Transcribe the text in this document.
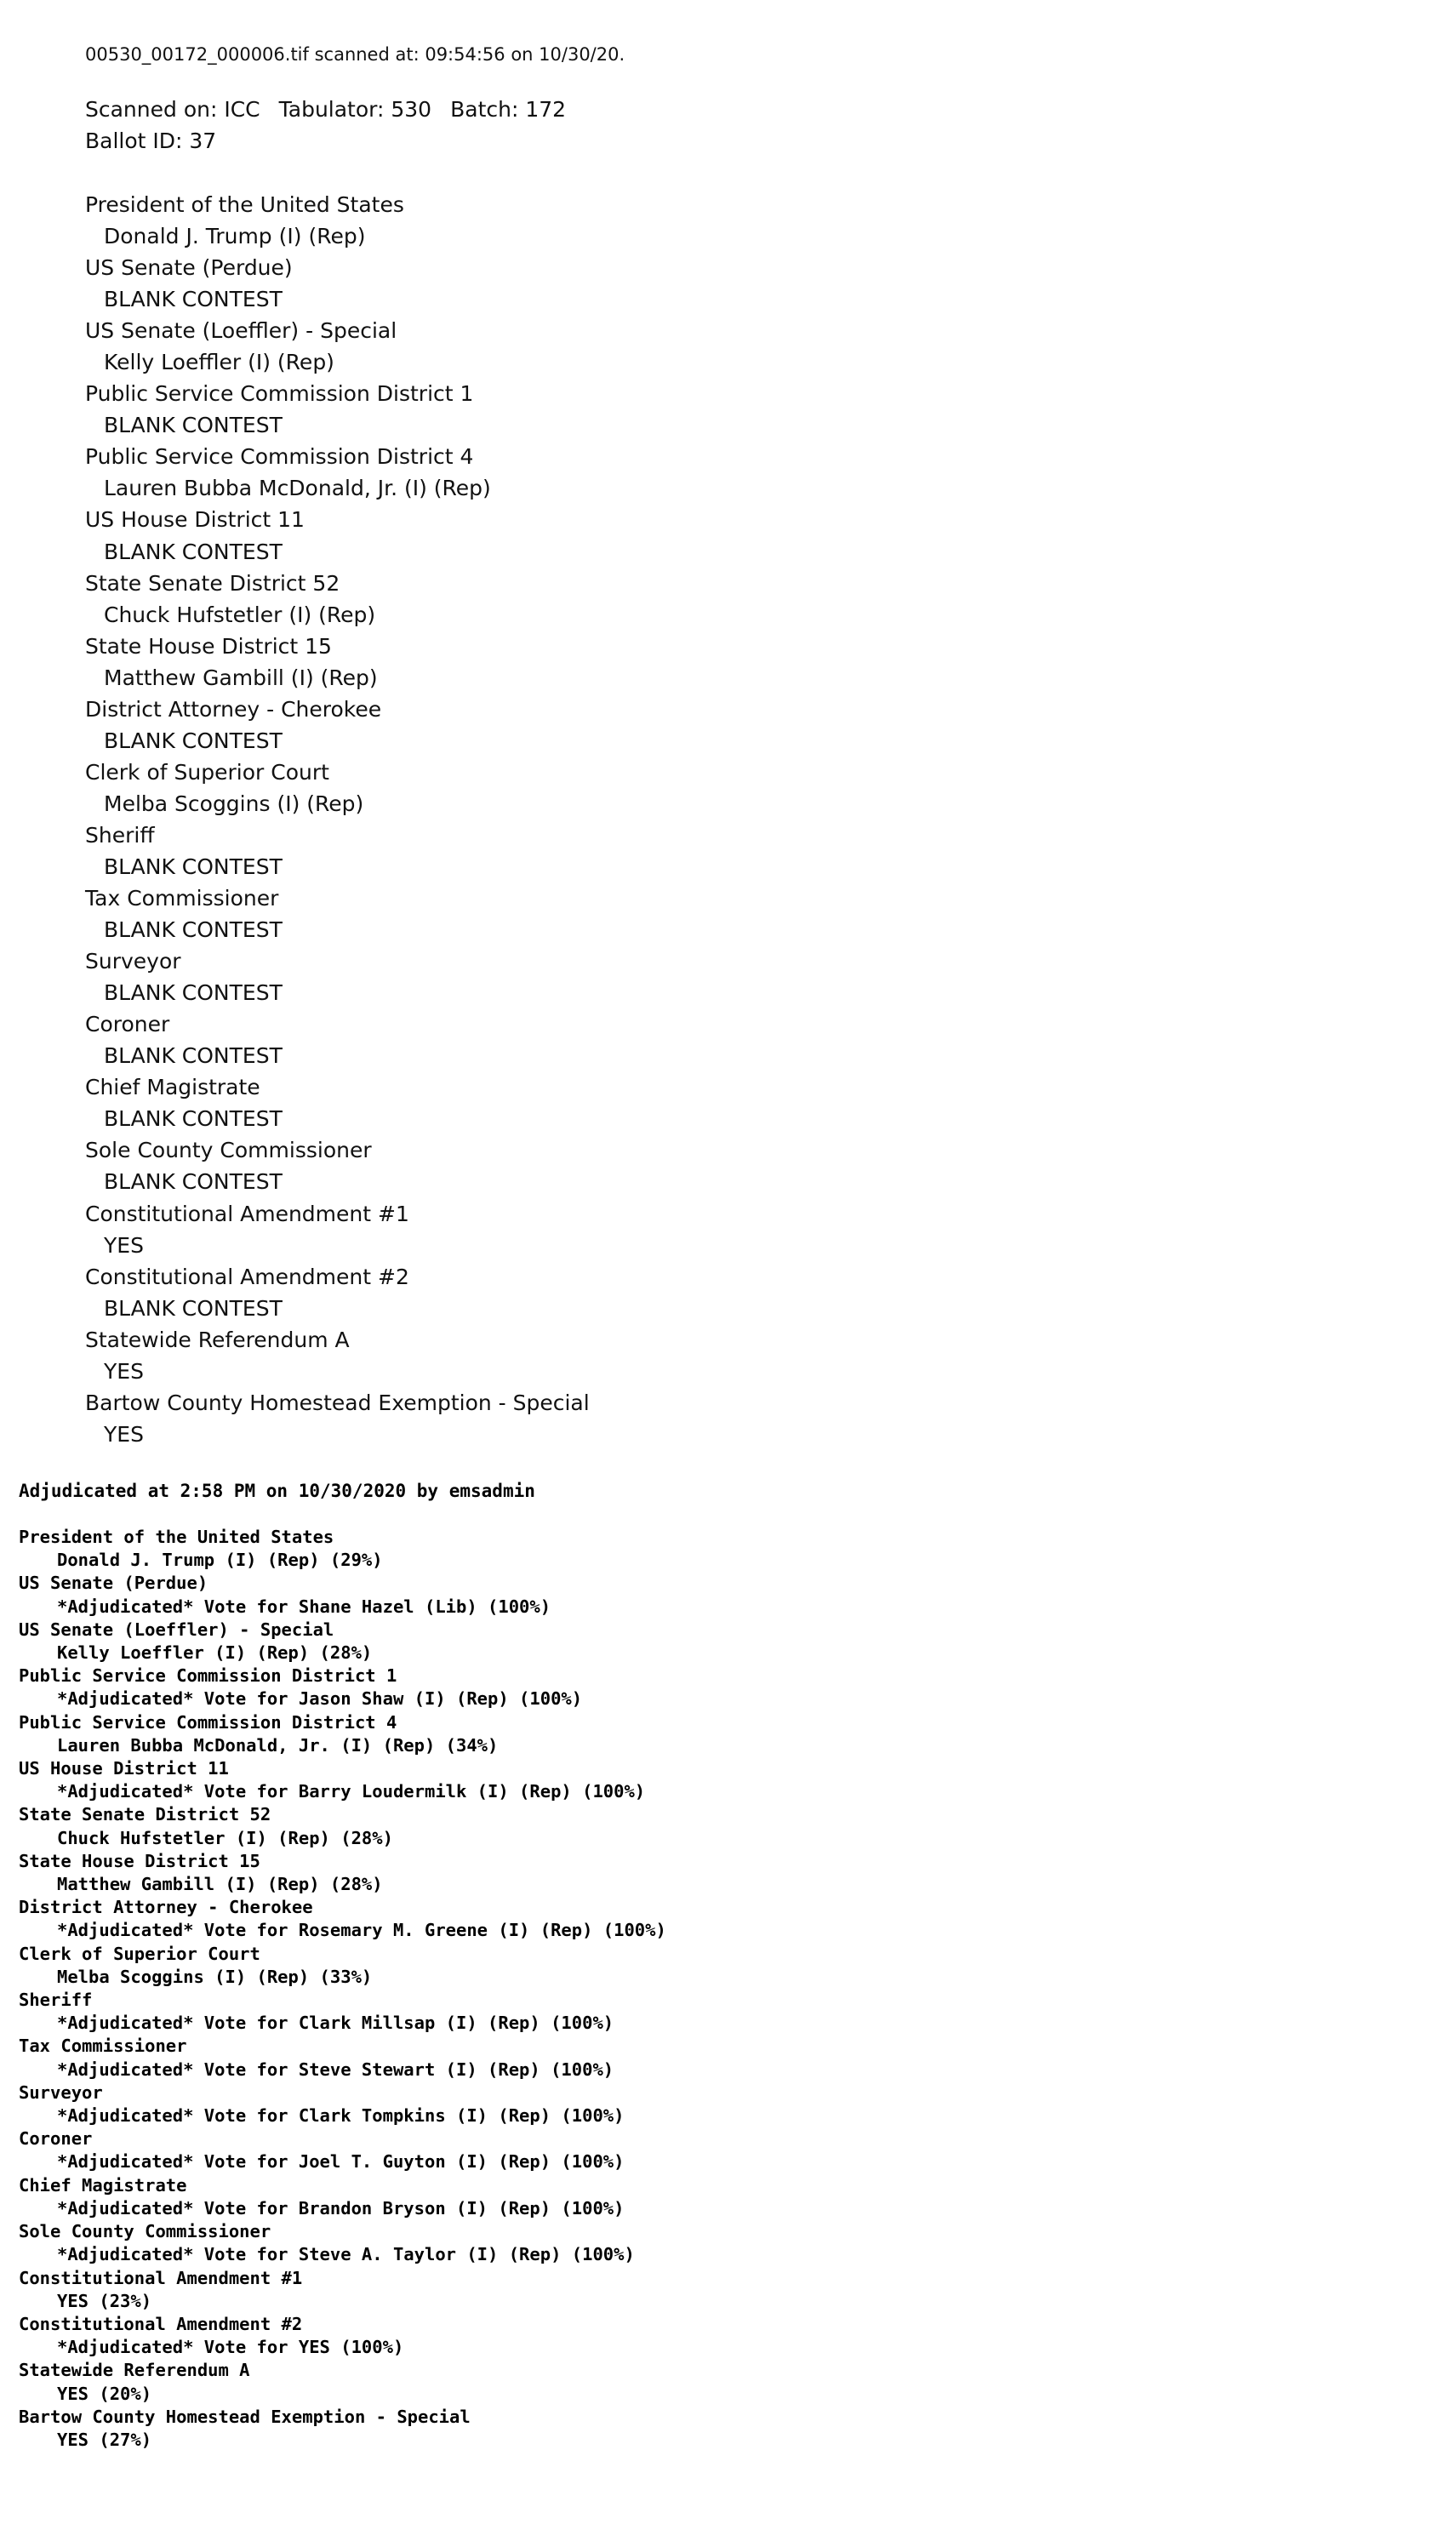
00530_00172_000006.tif scanned at: 09:54:56 on 10/30/20.
Scanned on: ICC Tabulator: 530 Batch: 172
Ballot ID: 37
President of the United States
Donald J. Trump (I) (Rep)
US Senate (Perdue)
BLANK CONTEST
US Senate (Loeffler) - Special
Kelly Loeffler (I) (Rep)
Public Service Commission District 1
BLANK CONTEST
Public Service Commission District 4
Lauren Bubba McDonald, Jr. (I) (Rep)
US House District 11
BLANK CONTEST
State Senate District 52
Chuck Hufstetler (I) (Rep)
State House District 15
Matthew Gambill (I) (Rep)
District Attorney - Cherokee
BLANK CONTEST
Clerk of Superior Court
Melba Scoggins (I) (Rep)
Sheriff
BLANK CONTEST
Tax Commissioner
BLANK CONTEST
Surveyor
BLANK CONTEST
Coroner
BLANK CONTEST
Chief Magistrate
BLANK CONTEST
Sole County Commissioner
BLANK CONTEST
Constitutional Amendment #1
YES
Constitutional Amendment #2
BLANK CONTEST
Statewide Referendum A
YES
Bartow County Homestead Exemption - Special
YES
Adjudicated at 2:58 PM on 10/30/2020 by emsadmin
President of the United States
Donald J. Trump (I) (Rep) (29%)
US Senate (Perdue)
*Adjudicated* Vote for Shane Hazel (Lib) (100%)
US Senate (Loeffler) - Special
Kelly Loeffler (I) (Rep) (28%)
Public Service Commission District 1
*Adjudicated* Vote for Jason Shaw (I) (Rep) (100%)
Public Service Commission District 4
Lauren Bubba McDonald, Jr. (I) (Rep) (34%)
US House District 11
*Adjudicated* Vote for Barry Loudermilk (I) (Rep) (100%)
State Senate District 52
Chuck Hufstetler (I) (Rep) (28%)
State House District 15
Matthew Gambill (I) (Rep) (28%)
District Attorney - Cherokee
*Adjudicated* Vote for Rosemary M. Greene (I) (Rep) (100%)
Clerk of Superior Court
Melba Scoggins (I) (Rep) (33%)
Sheriff
*Adjudicated* Vote for Clark Millsap (I) (Rep) (100%)
Tax Commissioner
*Adjudicated* Vote for Steve Stewart (I) (Rep) (100%)
Surveyor
*Adjudicated* Vote for Clark Tompkins (I) (Rep) (100%)
Coroner
*Adjudicated* Vote for Joel T. Guyton (I) (Rep) (100%)
Chief Magistrate
*Adjudicated* Vote for Brandon Bryson (I) (Rep) (100%)
Sole County Commissioner
*Adjudicated* Vote for Steve A. Taylor (I) (Rep) (100%)
Constitutional Amendment #1
YES (23%)
Constitutional Amendment #2
*Adjudicated* Vote for YES (100%)
Statewide Referendum A
YES (20%)
Bartow County Homestead Exemption - Special
YES (27%)
